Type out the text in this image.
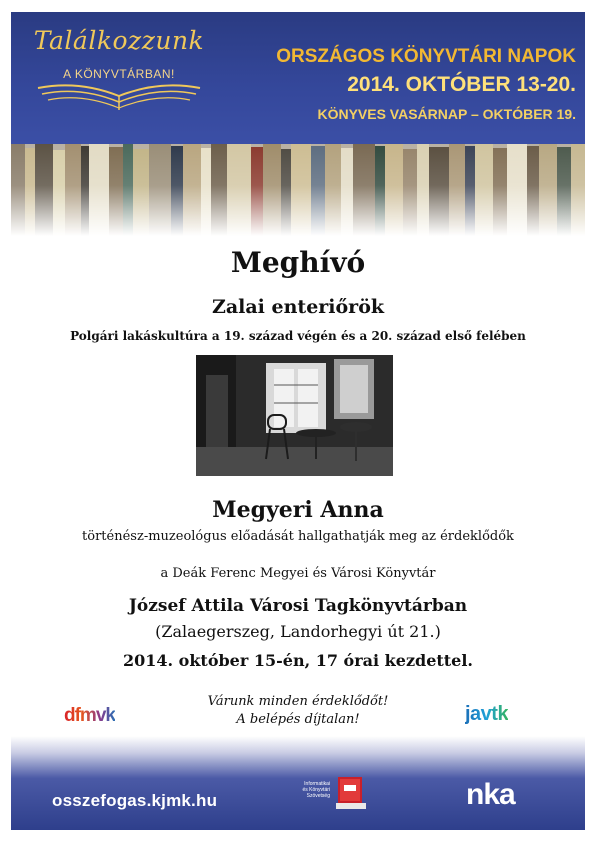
Találkozzunk
A KÖNYVTÁRBAN!
ORSZÁGOS KÖNYVTÁRI NAPOK
2014. OKTÓBER 13-20.
KÖNYVES VASÁRNAP – OKTÓBER 19.
Meghívó
Zalai enteriőrök
Polgári lakáskultúra a 19. század végén és a 20. század első felében
Megyeri Anna
történész-muzeológus előadását hallgathatják meg az érdeklődők
a Deák Ferenc Megyei és Városi Könyvtár
József Attila Városi Tagkönyvtárban
(Zalaegerszeg, Landorhegyi út 21.)
2014. október 15-én, 17 órai kezdettel.
Várunk minden érdeklődőt!
A belépés díjtalan!
dfmvk	javtk
osszefogas.kjmk.hu
Informatikai
és Könyvtári
Szövetség	nka
